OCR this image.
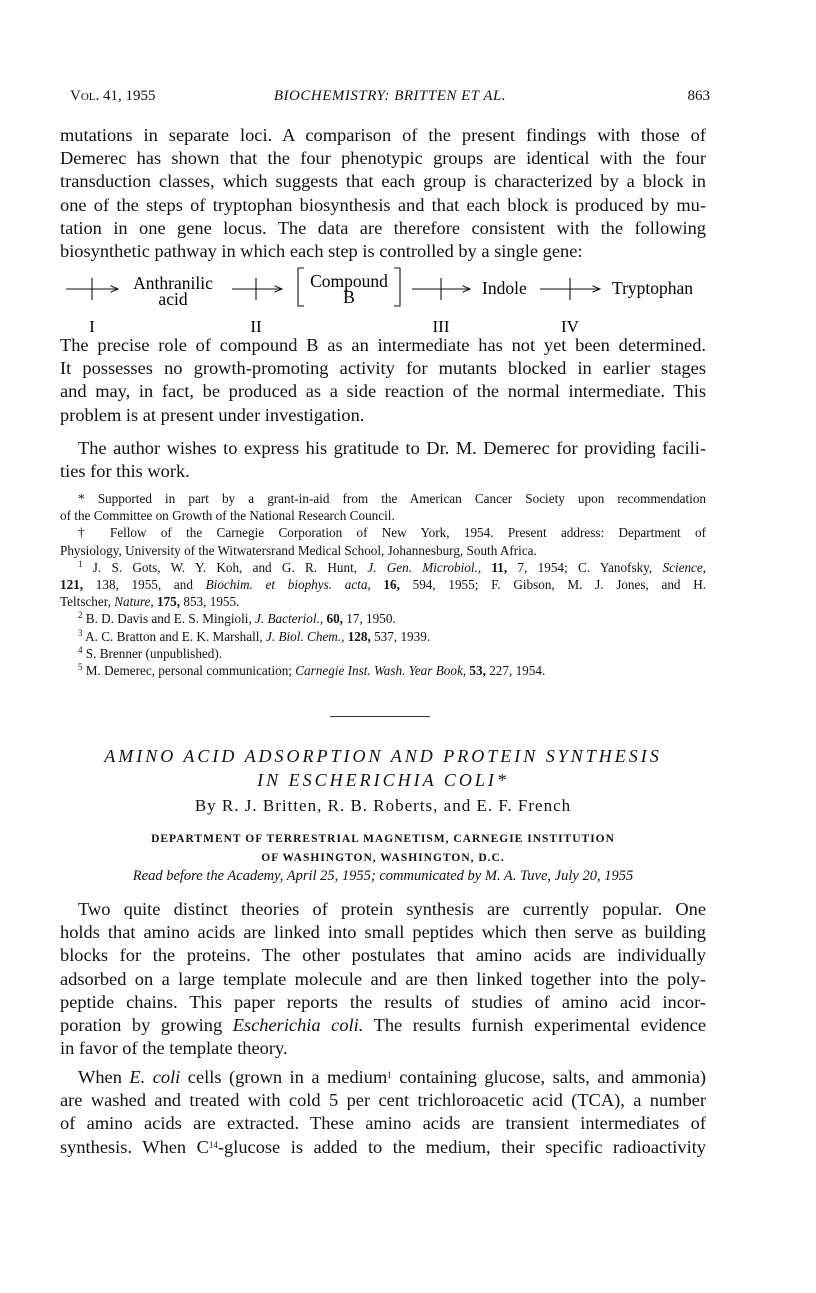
Vol. 41, 1955	BIOCHEMISTRY: BRITTEN ET AL.	863
mutations in separate loci. A comparison of the present findings with those of
Demerec has shown that the four phenotypic groups are identical with the four
transduction classes, which suggests that each group is characterized by a block in
one of the steps of tryptophan biosynthesis and that each block is produced by mu-
tation in one gene locus. The data are therefore consistent with the following
biosynthetic pathway in which each step is controlled by a single gene:
I
Anthranilic
acid
II
Compound
B
III
Indole
IV
Tryptophan
The precise role of compound B as an intermediate has not yet been determined.
It possesses no growth-promoting activity for mutants blocked in earlier stages
and may, in fact, be produced as a side reaction of the normal intermediate. This
problem is at present under investigation.
The author wishes to express his gratitude to Dr. M. Demerec for providing facili-
ties for this work.
* Supported in part by a grant-in-aid from the American Cancer Society upon recommendation
of the Committee on Growth of the National Research Council.
† Fellow of the Carnegie Corporation of New York, 1954. Present address: Department of
Physiology, University of the Witwatersrand Medical School, Johannesburg, South Africa.
$^1$ J. S. Gots, W. Y. Koh, and G. R. Hunt, J. Gen. Microbiol., 11, 7, 1954; C. Yanofsky, Science,
121, 138, 1955, and Biochim. et biophys. acta, 16, 594, 1955; F. Gibson, M. J. Jones, and H.
Teltscher, Nature, 175, 853, 1955.
$^2$ B. D. Davis and E. S. Mingioli, J. Bacteriol., 60, 17, 1950.
$^3$ A. C. Bratton and E. K. Marshall, J. Biol. Chem., 128, 537, 1939.
$^4$ S. Brenner (unpublished).
$^5$ M. Demerec, personal communication; Carnegie Inst. Wash. Year Book, 53, 227, 1954.
AMINO ACID ADSORPTION AND PROTEIN SYNTHESIS
IN ESCHERICHIA COLI*
By R. J. Britten, R. B. Roberts, and E. F. French
DEPARTMENT OF TERRESTRIAL MAGNETISM, CARNEGIE INSTITUTION
OF WASHINGTON, WASHINGTON, D.C.
Read before the Academy, April 25, 1955; communicated by M. A. Tuve, July 20, 1955
Two quite distinct theories of protein synthesis are currently popular. One
holds that amino acids are linked into small peptides which then serve as building
blocks for the proteins. The other postulates that amino acids are individually
adsorbed on a large template molecule and are then linked together into the poly-
peptide chains. This paper reports the results of studies of amino acid incor-
poration by growing Escherichia coli. The results furnish experimental evidence
in favor of the template theory.
When E. coli cells (grown in a medium$^1$ containing glucose, salts, and ammonia)
are washed and treated with cold 5 per cent trichloroacetic acid (TCA), a number
of amino acids are extracted. These amino acids are transient intermediates of
synthesis. When $C^{14}$-glucose is added to the medium, their specific radioactivity
